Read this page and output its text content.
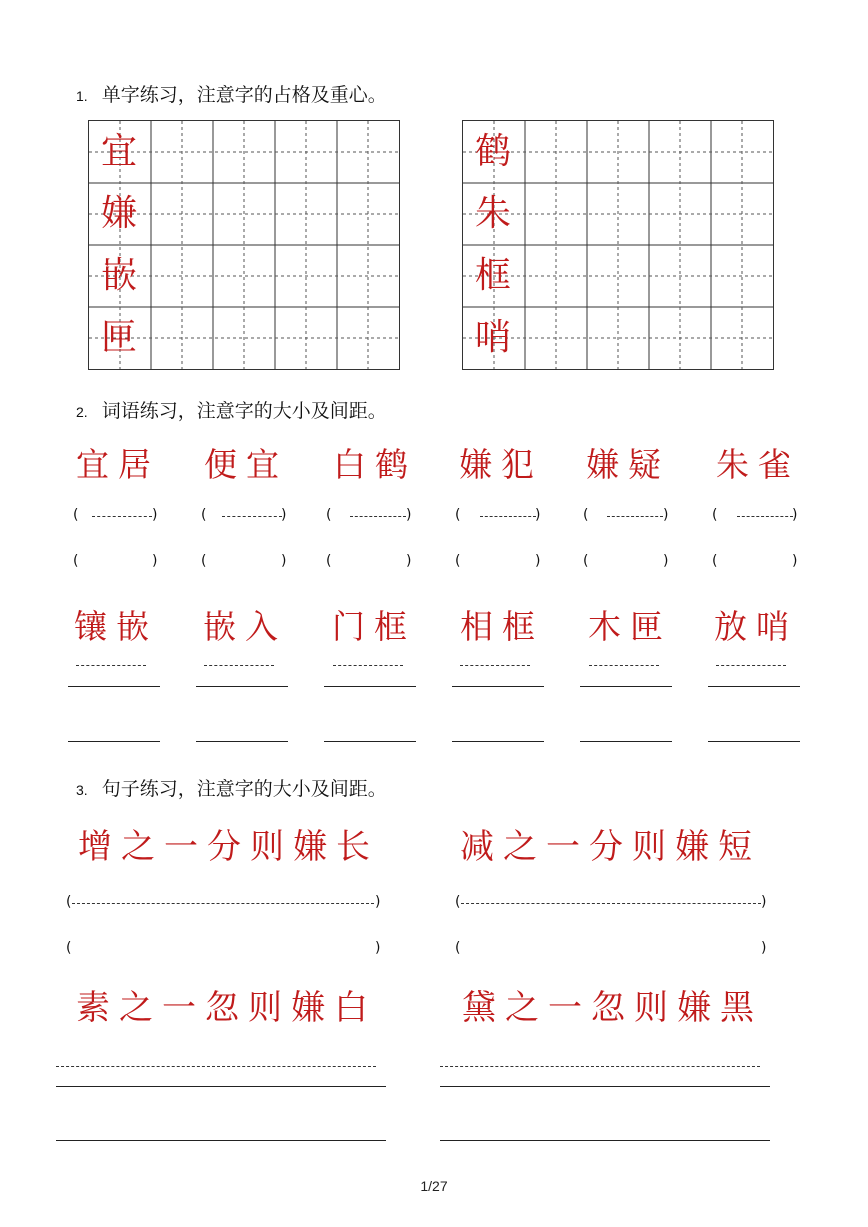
1. 单字练习，注意字的占格及重心。
宜
嫌
嵌
匣
鹤
朱
框
哨
2. 词语练习，注意字的大小及间距。
宜居 便宜 白鹤 嫌犯 嫌疑 朱雀
(	)	(	)	(	)	(	)	(	)	(	)
(	)	(	)	(	)	(	)	(	)	(	)
镶嵌 嵌入 门框 相框 木匣 放哨
3. 句子练习，注意字的大小及间距。
增之一分则嫌长 减之一分则嫌短
(	)	(	)
(	)	(	)
素之一忽则嫌白	黛之一忽则嫌黑
1/27
